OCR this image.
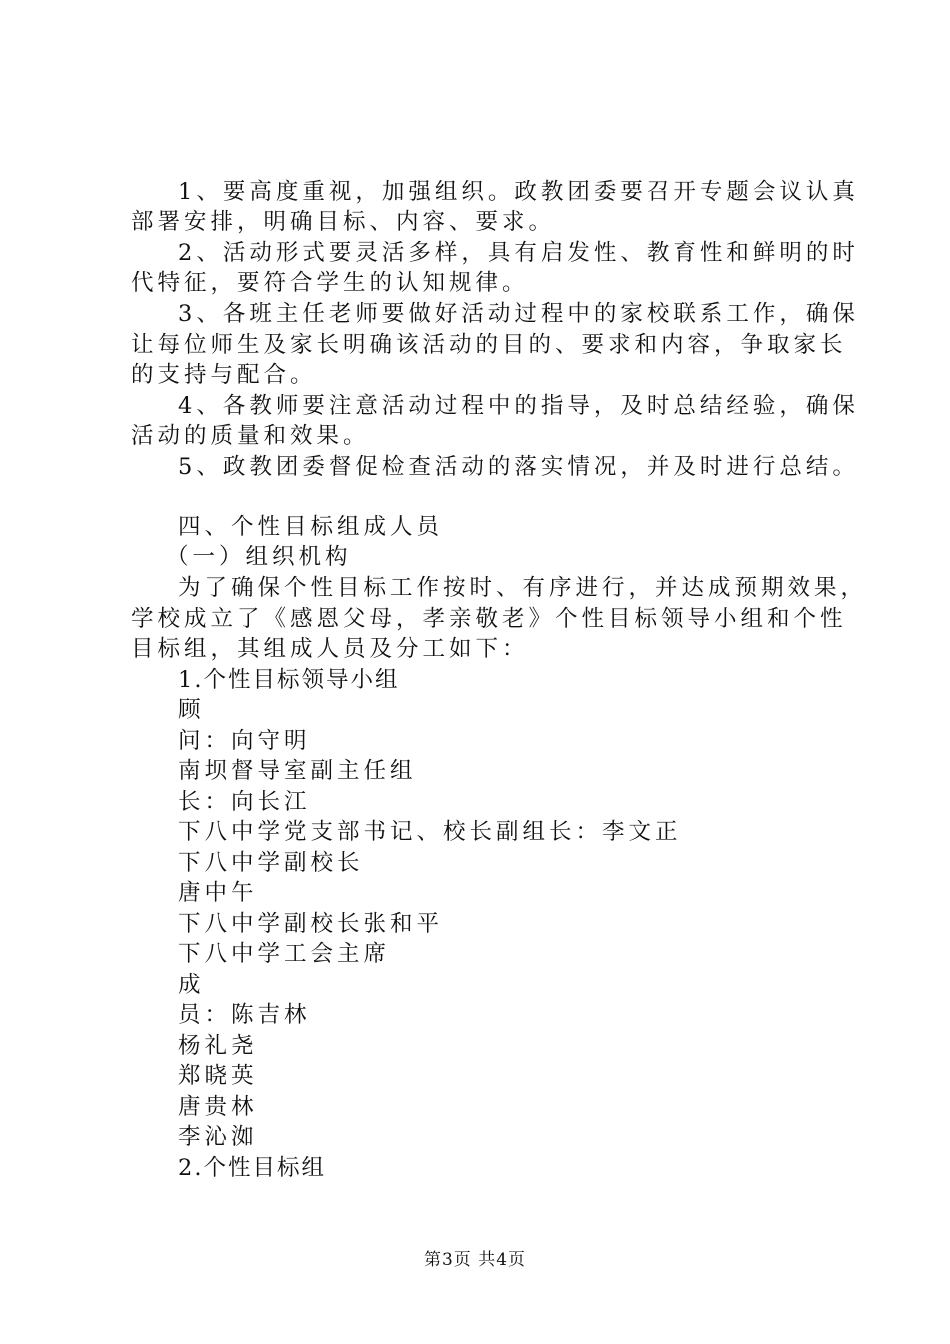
1、要高度重视，加强组织。政教团委要召开专题会议认真
部署安排，明确目标、内容、要求。
2、活动形式要灵活多样，具有启发性、教育性和鲜明的时
代特征，要符合学生的认知规律。
3、各班主任老师要做好活动过程中的家校联系工作，确保
让每位师生及家长明确该活动的目的、要求和内容，争取家长
的支持与配合。
4、各教师要注意活动过程中的指导，及时总结经验，确保
活动的质量和效果。
5、政教团委督促检查活动的落实情况，并及时进行总结。
四、个性目标组成人员
（一）组织机构
为了确保个性目标工作按时、有序进行，并达成预期效果，
学校成立了《感恩父母，孝亲敬老》个性目标领导小组和个性
目标组，其组成人员及分工如下：
1.个性目标领导小组
顾
问：向守明
南坝督导室副主任组
长：向长江
下八中学党支部书记、校长副组长：李文正
下八中学副校长
唐中午
下八中学副校长张和平
下八中学工会主席
成
员：陈吉林
杨礼尧
郑晓英
唐贵林
李沁洳
2.个性目标组
第3页 共4页
